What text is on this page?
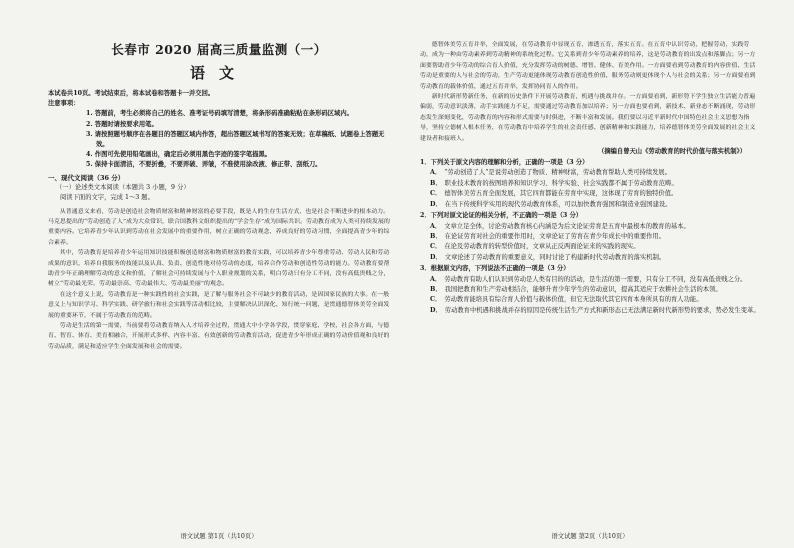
长春市 2020 届高三质量监测（一）
语文

本试卷共10页。考试结束后，将本试卷和答题卡一并交回。

注意事项：

1. 答题前，考生必须将自己的姓名、准考证号码填写清楚，将条形码准确粘贴在条形码区域内。

2. 答题时请按要求用笔。

3. 请按照题号顺序在各题目的答题区域内作答，超出答题区域书写的答案无效；在草稿纸、试题卷上答题无效。

4. 作图可先使用铅笔画出，确定后必须用黑色字迹的签字笔描黑。

5. 保持卡面清洁，不要折叠，不要弄破、弄皱，不准使用涂改液、修正带、刮纸刀。

一、现代文阅读（36 分）

（一）论述类文本阅读（本题共 3 小题，9 分）

阅读下面的文字，完成 1～3 题。

从普通意义来看，劳动是创造社会物质财富和精神财富的必要手段，既是人的生存生活方式，也是社会不断进步的根本动力。马克思提出的“劳动创造了人”成为大众常识，联合国教科文组织提出的“学会生存”成为国际共识。劳动教育成为人类可持续发展的重要内容。它培养青少年认识到劳动在社会发展中的重要作用，树立正确的劳动观念，养成良好的劳动习惯，全面提高青少年的综合素养。

其中，劳动教育是培养青少年运用知识技能积极创造财富和物质财富的教育实践，可以培养青少年尊重劳动、劳动人民和劳动成果的意识，培养自我服务的技能以及认真、负责、创造性地对待劳动的态度，培养合作劳动和创造性劳动的能力。劳动教育要帮助青少年正确理解劳动的意义和价值，了解社会可持续发展与个人职业规划的关系，明白劳动只有分工不同，没有高低贵贱之分，树立“劳动最光荣、劳动最崇高、劳动最伟大、劳动最美丽”的观念。

在这个意义上说，劳动教育是一种实践性的社会实践，是了解与服务社会不可缺少的教育活动，是因国家民族的大事。在一般意义上与知识学习、科学实践、研学旅行和社会实践等活动相比较，主要解决认识深化、知行统一问题，是贯通德智体美劳全面发展的重要环节，不属于劳动教育的范畴。

劳动是生活的第一需要，当前要将劳动教育纳入人才培养全过程，贯通大中小学各学段，贯穿家庭、学校、社会各方面，与德育、智育、体育、美育相融合，开展形式多样、内容丰富、有效创新的劳动教育活动，促进青少年形成正确的劳动价值观和良好的劳动品质，满足和适应学生全面发展和社会的需要。

语文试题 第1页（共10页）

德智体美劳五育并举，全面发展，在劳动教育中显现五育，渗透五育，落实五育。在五育中认识劳动，把握劳动，实践劳动，成为一种由劳动素养到劳动精神的系统化过程。它关系到青少年劳动素养的培养，这是劳动教育的出发点和落脚点；另一方面要帮助青少年劳动的综合育人价值，充分发挥劳动的树德、增智、健体、育美作用。一方面要看到劳动教育的内容价值，生活劳动是重要的人与社会的劳动，生产劳动更能体现劳动教育创造性价值，服务劳动则更体现个人与社会的关系；另一方面要看到劳动教育的载体价值，通过五育并举，发挥协同育人的作用。

新时代新形势新任务，在新的历史条件下开展劳动教育，机遇与挑战并存。一方面要看到，新形势下学生独立生活能力普遍偏弱，劳动意识淡薄，动手实践能力不足，需要通过劳动教育加以培养；另一方面也要看到，新技术、新业态不断涌现，劳动形态发生深刻变化，劳动教育的内容和形式需要与时俱进，不断丰富和发展。我们要以习近平新时代中国特色社会主义思想为指导，坚持立德树人根本任务，在劳动教育中培养学生的社会责任感、创新精神和实践能力，培养德智体美劳全面发展的社会主义建设者和接班人。

（摘编自曾天山《劳动教育的时代价值与落实机制》）

1．下列关于原文内容的理解和分析，正确的一项是（3 分）

A． “劳动创造了人”是说劳动创造了物质、精神财富，劳动教育帮助人类可持续发展。

B． 职业技术教育的按图培养和知识学习、科学实验、社会实践都不属于劳动教育范畴。

C． 德智体美劳五育全面发展，其它四育都能在劳育中实现，这体现了劳育的独特价值。

D． 在当下传统科学实用的现代劳动教育体系，可以加快教育强国和制造业强国建设。

2．下列对原文论证的相关分析，不正确的一项是（3 分）

A． 文章立足全体，讨论劳动教育核心内涵是为后文论证劳育是五育中最根本的教育的基本。

B． 在论证劳育对社会的重要作用时，文章论证了劳育在青少年成长中的重要作用。

C． 在论及劳动教育的转型价值时，文章从正反两面论证来的实践的现实。

D． 文章论述了劳动教育的重要意义，同时讨论了构建新时代劳动教育的落实机制。

3．根据原文内容，下列说法不正确的一项是（3 分）

A． 劳动教育有助人们认识到劳动是人类有目的的活动，是生活的第一需要，只有分工不同，没有高低贵贱之分。

B． 我国把教育和生产劳动相结合，能够升青少年学生的劳动意识，提高其适应于农耕社会生活的本领。

C． 劳动教育能培具有综合育人价值与载体价值，但它无法取代其它四育本身所具有的育人功能。

D． 劳动教育中机遇和挑战并存的原因是传统生活生产方式和新形态已无法满足新时代新形势的要求，势必发生变革。

语文试题 第2页（共10页）
